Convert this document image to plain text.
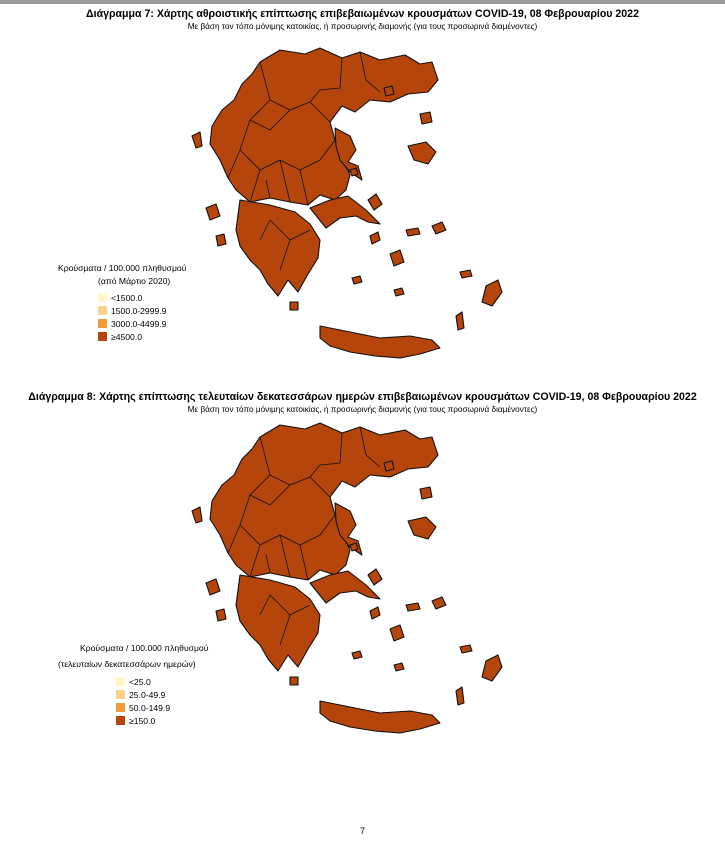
Διάγραμμα 7: Χάρτης αθροιστικής επίπτωσης επιβεβαιωμένων κρουσμάτων COVID-19, 08 Φεβρουαρίου 2022
Με βάση τον τόπο μόνιμης κατοικίας, ή προσωρινής διαμονής (για τους προσωρινά διαμένοντες)
Κρούσματα / 100.000 πληθυσμού
(από Μάρτιο 2020)
<1500.0
1500.0-2999.9
3000.0-4499.9
≥4500.0
Διάγραμμα 8: Χάρτης επίπτωσης τελευταίων δεκατεσσάρων ημερών επιβεβαιωμένων κρουσμάτων COVID-19, 08 Φεβρουαρίου 2022
Με βάση τον τόπο μόνιμης κατοικίας, ή προσωρινής διαμονής (για τους προσωρινά διαμένοντες)
Κρούσματα / 100.000 πληθυσμού
(τελευταίων δεκατεσσάρων ημερών)
<25.0
25.0-49.9
50.0-149.9
≥150.0
7
